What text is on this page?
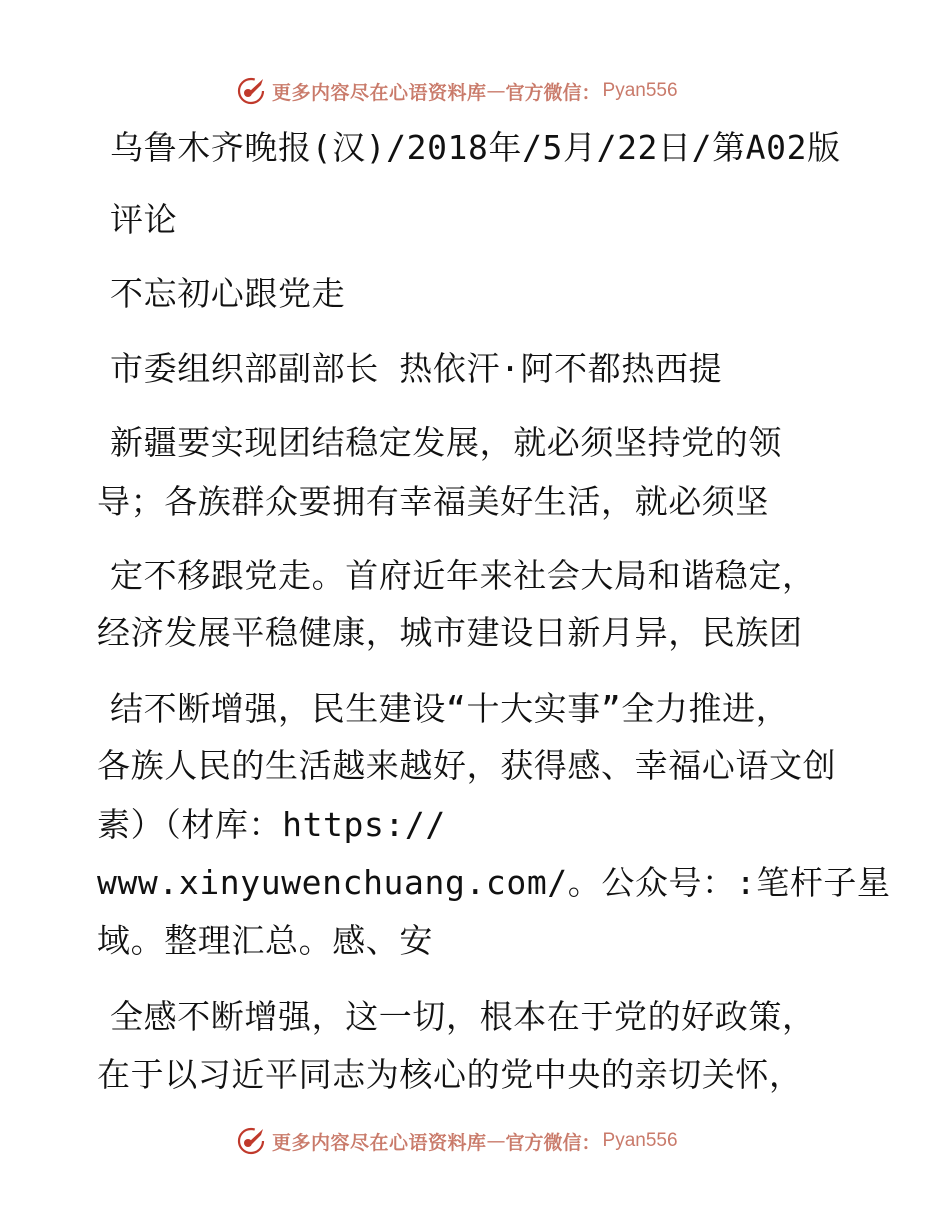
更多内容尽在心语资料库 — 官方微信： Pyan556
乌鲁木齐晚报(汉)/2018年/5月/22日/第A02版
评论
不忘初心跟党走
市委组织部副部长 热依汗·阿不都热西提
新疆要实现团结稳定发展，就必须坚持党的领
导；各族群众要拥有幸福美好生活，就必须坚
定不移跟党走。首府近年来社会大局和谐稳定，
经济发展平稳健康，城市建设日新月异，民族团
结不断增强，民生建设“十大实事”全力推进，
各族人民的生活越来越好，获得感、幸福心语文创
素）（材库：https://
www.xinyuwenchuang.com/。公众号：:笔杆子星
域。整理汇总。感、安
全感不断增强，这一切，根本在于党的好政策，
在于以习近平同志为核心的党中央的亲切关怀，
更多内容尽在心语资料库 — 官方微信： Pyan556
